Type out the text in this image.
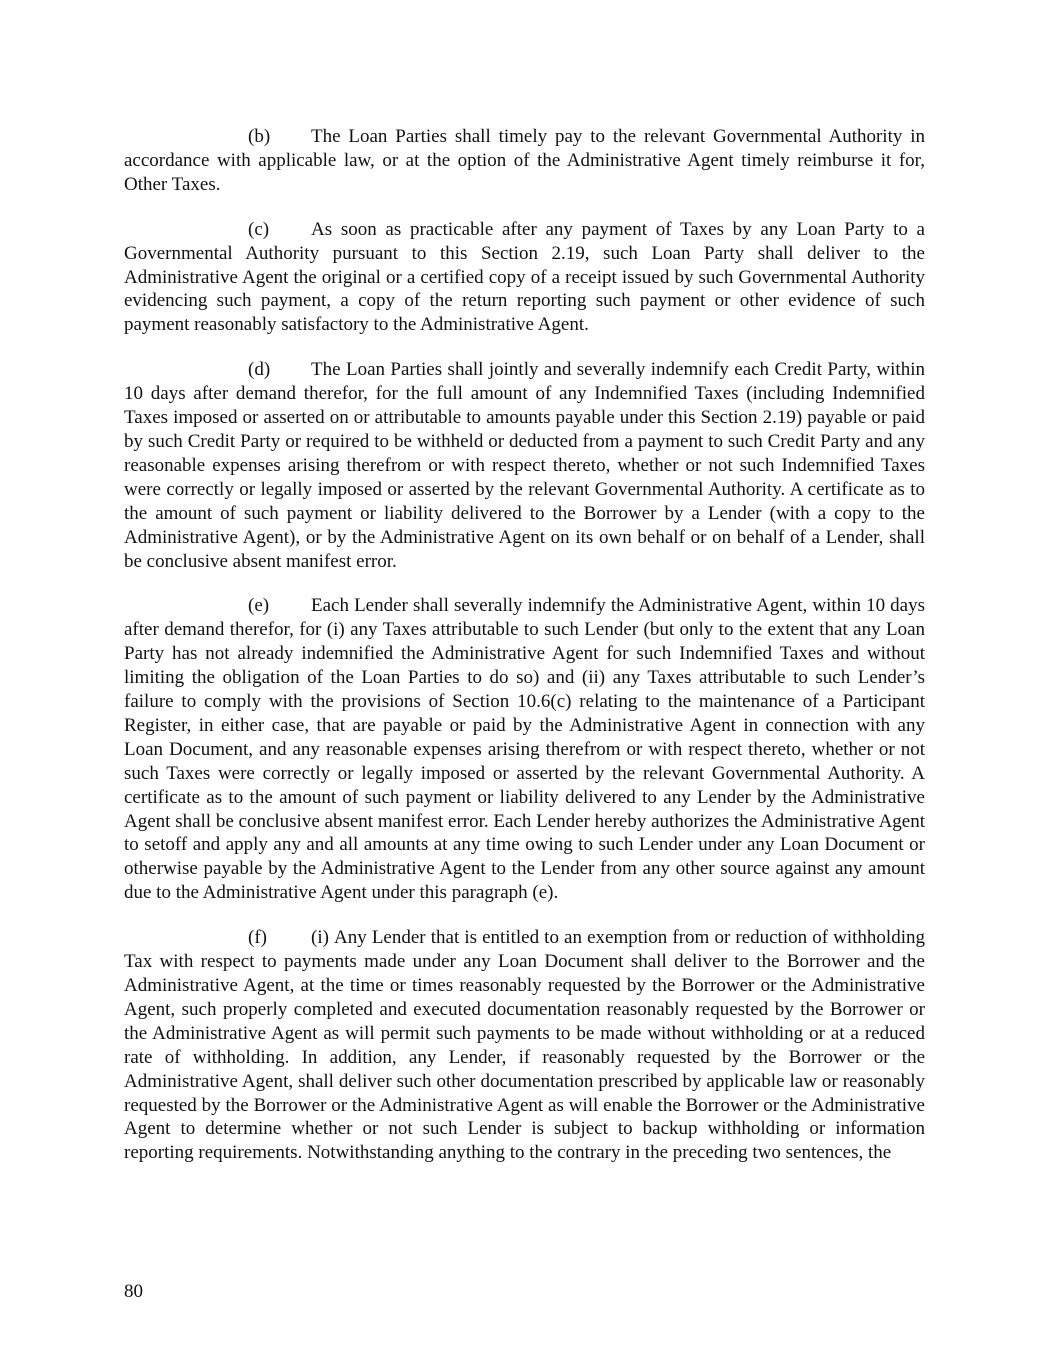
(b) The Loan Parties shall timely pay to the relevant Governmental Authority in accordance with applicable law, or at the option of the Administrative Agent timely reimburse it for, Other Taxes.

(c) As soon as practicable after any payment of Taxes by any Loan Party to a Governmental Authority pursuant to this Section 2.19, such Loan Party shall deliver to the Administrative Agent the original or a certified copy of a receipt issued by such Governmental Authority evidencing such payment, a copy of the return reporting such payment or other evidence of such payment reasonably satisfactory to the Administrative Agent.

(d) The Loan Parties shall jointly and severally indemnify each Credit Party, within 10 days after demand therefor, for the full amount of any Indemnified Taxes (including Indemnified Taxes imposed or asserted on or attributable to amounts payable under this Section 2.19) payable or paid by such Credit Party or required to be withheld or deducted from a payment to such Credit Party and any reasonable expenses arising therefrom or with respect thereto, whether or not such Indemnified Taxes were correctly or legally imposed or asserted by the relevant Governmental Authority. A certificate as to the amount of such payment or liability delivered to the Borrower by a Lender (with a copy to the Administrative Agent), or by the Administrative Agent on its own behalf or on behalf of a Lender, shall be conclusive absent manifest error.

(e) Each Lender shall severally indemnify the Administrative Agent, within 10 days after demand therefor, for (i) any Taxes attributable to such Lender (but only to the extent that any Loan Party has not already indemnified the Administrative Agent for such Indemnified Taxes and without limiting the obligation of the Loan Parties to do so) and (ii) any Taxes attributable to such Lender’s failure to comply with the provisions of Section 10.6(c) relating to the maintenance of a Participant Register, in either case, that are payable or paid by the Administrative Agent in connection with any Loan Document, and any reasonable expenses arising therefrom or with respect thereto, whether or not such Taxes were correctly or legally imposed or asserted by the relevant Governmental Authority. A certificate as to the amount of such payment or liability delivered to any Lender by the Administrative Agent shall be conclusive absent manifest error. Each Lender hereby authorizes the Administrative Agent to setoff and apply any and all amounts at any time owing to such Lender under any Loan Document or otherwise payable by the Administrative Agent to the Lender from any other source against any amount due to the Administrative Agent under this paragraph (e).

(f) (i) Any Lender that is entitled to an exemption from or reduction of withholding Tax with respect to payments made under any Loan Document shall deliver to the Borrower and the Administrative Agent, at the time or times reasonably requested by the Borrower or the Administrative Agent, such properly completed and executed documentation reasonably requested by the Borrower or the Administrative Agent as will permit such payments to be made without withholding or at a reduced rate of withholding. In addition, any Lender, if reasonably requested by the Borrower or the Administrative Agent, shall deliver such other documentation prescribed by applicable law or reasonably requested by the Borrower or the Administrative Agent as will enable the Borrower or the Administrative Agent to determine whether or not such Lender is subject to backup withholding or information reporting requirements. Notwithstanding anything to the contrary in the preceding two sentences, the

80
